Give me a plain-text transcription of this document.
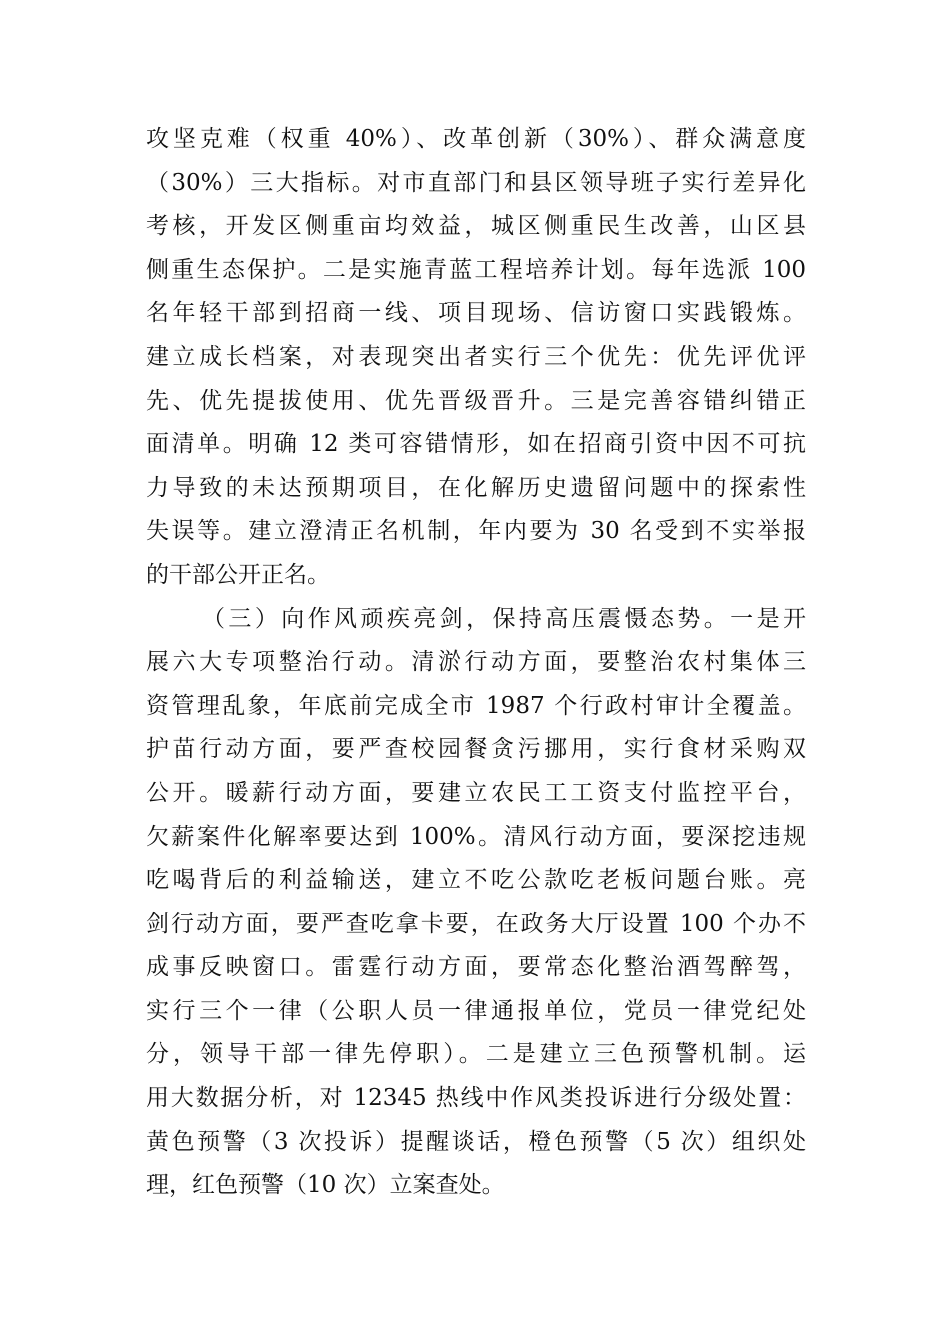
攻坚克难（权重 40%）、改革创新（30%）、群众满意度
（30%）三大指标。对市直部门和县区领导班子实行差异化
考核，开发区侧重亩均效益，城区侧重民生改善，山区县
侧重生态保护。二是实施青蓝工程培养计划。每年选派 100
名年轻干部到招商一线、项目现场、信访窗口实践锻炼。
建立成长档案，对表现突出者实行三个优先：优先评优评
先、优先提拔使用、优先晋级晋升。三是完善容错纠错正
面清单。明确 12 类可容错情形，如在招商引资中因不可抗
力导致的未达预期项目，在化解历史遗留问题中的探索性
失误等。建立澄清正名机制，年内要为 30 名受到不实举报
的干部公开正名。
（三）向作风顽疾亮剑，保持高压震慑态势。一是开
展六大专项整治行动。清淤行动方面，要整治农村集体三
资管理乱象，年底前完成全市 1987 个行政村审计全覆盖。
护苗行动方面，要严查校园餐贪污挪用，实行食材采购双
公开。暖薪行动方面，要建立农民工工资支付监控平台，
欠薪案件化解率要达到 100%。清风行动方面，要深挖违规
吃喝背后的利益输送，建立不吃公款吃老板问题台账。亮
剑行动方面，要严查吃拿卡要，在政务大厅设置 100 个办不
成事反映窗口。雷霆行动方面，要常态化整治酒驾醉驾，
实行三个一律（公职人员一律通报单位，党员一律党纪处
分，领导干部一律先停职）。二是建立三色预警机制。运
用大数据分析，对 12345 热线中作风类投诉进行分级处置：
黄色预警（3 次投诉）提醒谈话，橙色预警（5 次）组织处
理，红色预警（10 次）立案查处。
